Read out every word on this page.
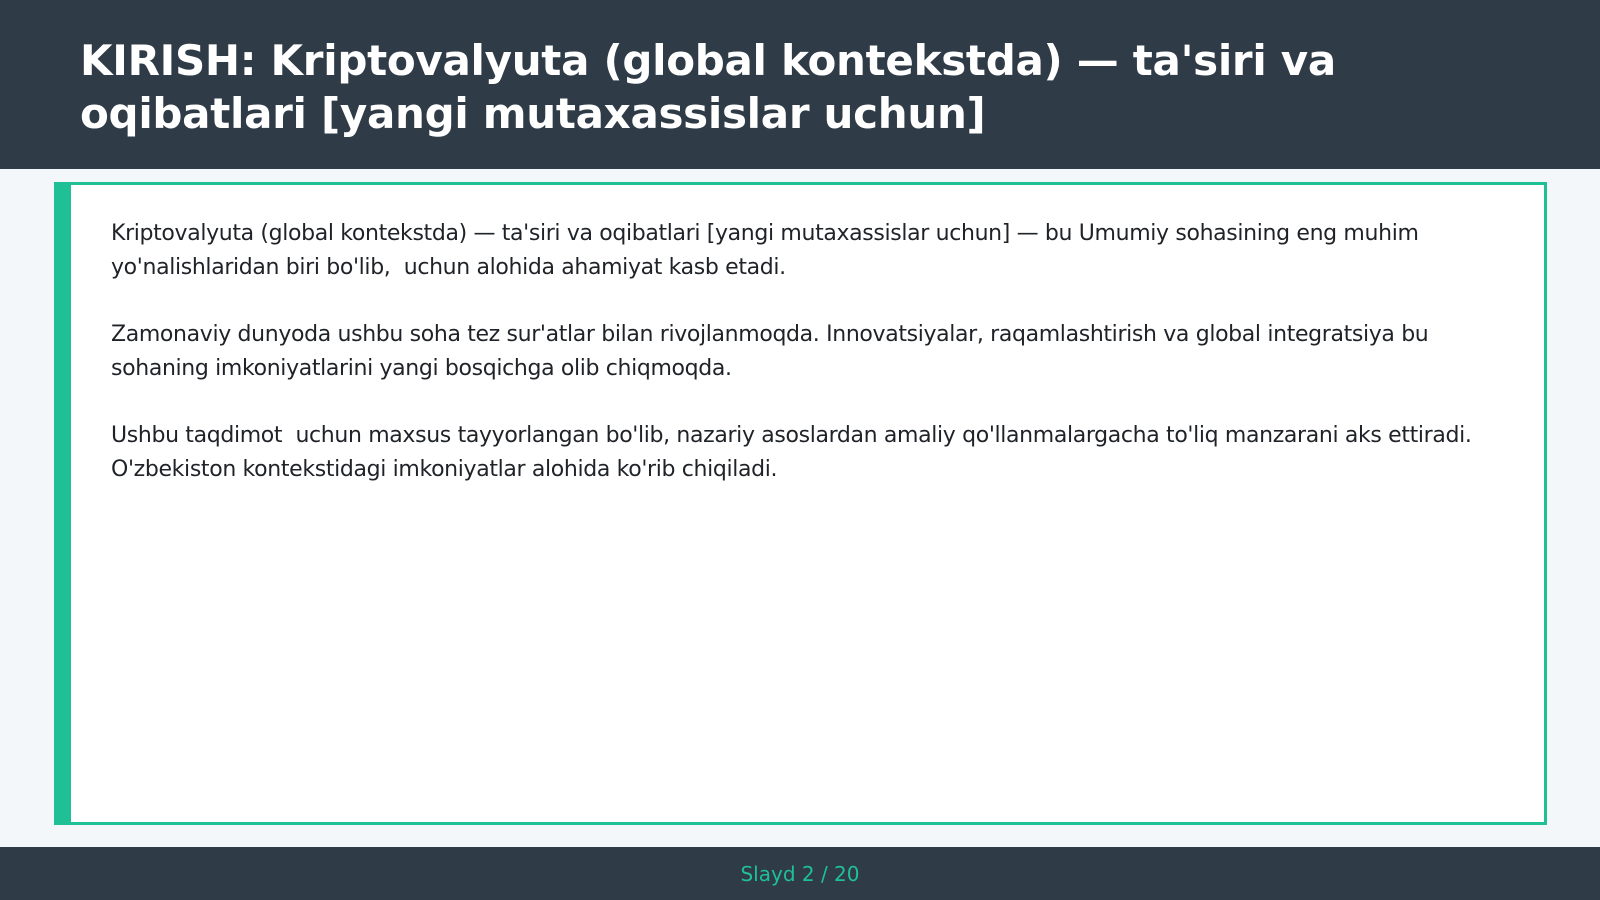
KIRISH: Kriptovalyuta (global kontekstda) — ta'siri va oqibatlari [yangi mutaxassislar uchun]

Kriptovalyuta (global kontekstda) — ta'siri va oqibatlari [yangi mutaxassislar uchun] — bu Umumiy sohasining eng muhim yo'nalishlaridan biri bo'lib,  uchun alohida ahamiyat kasb etadi.

Zamonaviy dunyoda ushbu soha tez sur'atlar bilan rivojlanmoqda. Innovatsiyalar, raqamlashtirish va global integratsiya bu sohaning imkoniyatlarini yangi bosqichga olib chiqmoqda.

Ushbu taqdimot  uchun maxsus tayyorlangan bo'lib, nazariy asoslardan amaliy qo'llanmalargacha to'liq manzarani aks ettiradi. O'zbekiston kontekstidagi imkoniyatlar alohida ko'rib chiqiladi.

Slayd 2 / 20
